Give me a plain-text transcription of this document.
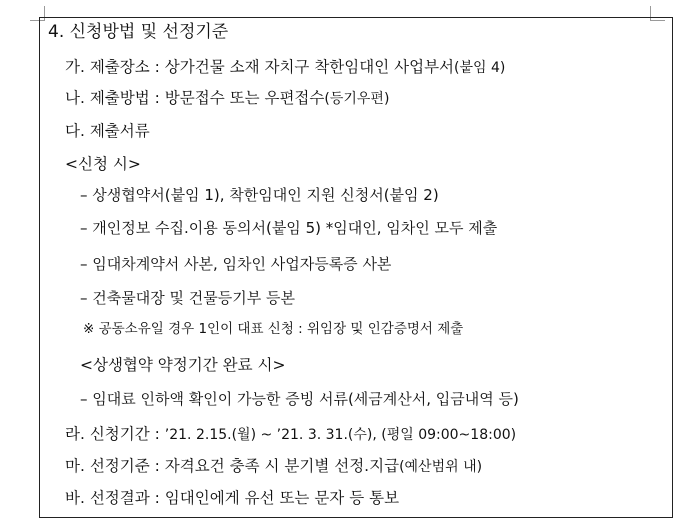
4. 신청방법 및 선정기준
가. 제출장소 : 상가건물 소재 자치구 착한임대인 사업부서(붙임 4)
나. 제출방법 : 방문접수 또는 우편접수(등기우편)
다. 제출서류
<신청 시>
– 상생협약서(붙임 1), 착한임대인 지원 신청서(붙임 2)
– 개인정보 수집.이용 동의서(붙임 5) *임대인, 임차인 모두 제출
– 임대차계약서 사본, 임차인 사업자등록증 사본
– 건축물대장 및 건물등기부 등본
※ 공동소유일 경우 1인이 대표 신청 : 위임장 및 인감증명서 제출
<상생협약 약정기간 완료 시>
– 임대료 인하액 확인이 가능한 증빙 서류(세금계산서, 입금내역 등)
라. 신청기간 : ’21. 2.15.(월) ~ ’21. 3. 31.(수), (평일 09:00~18:00)
마. 선정기준 : 자격요건 충족 시 분기별 선정.지급(예산범위 내)
바. 선정결과 : 임대인에게 유선 또는 문자 등 통보
